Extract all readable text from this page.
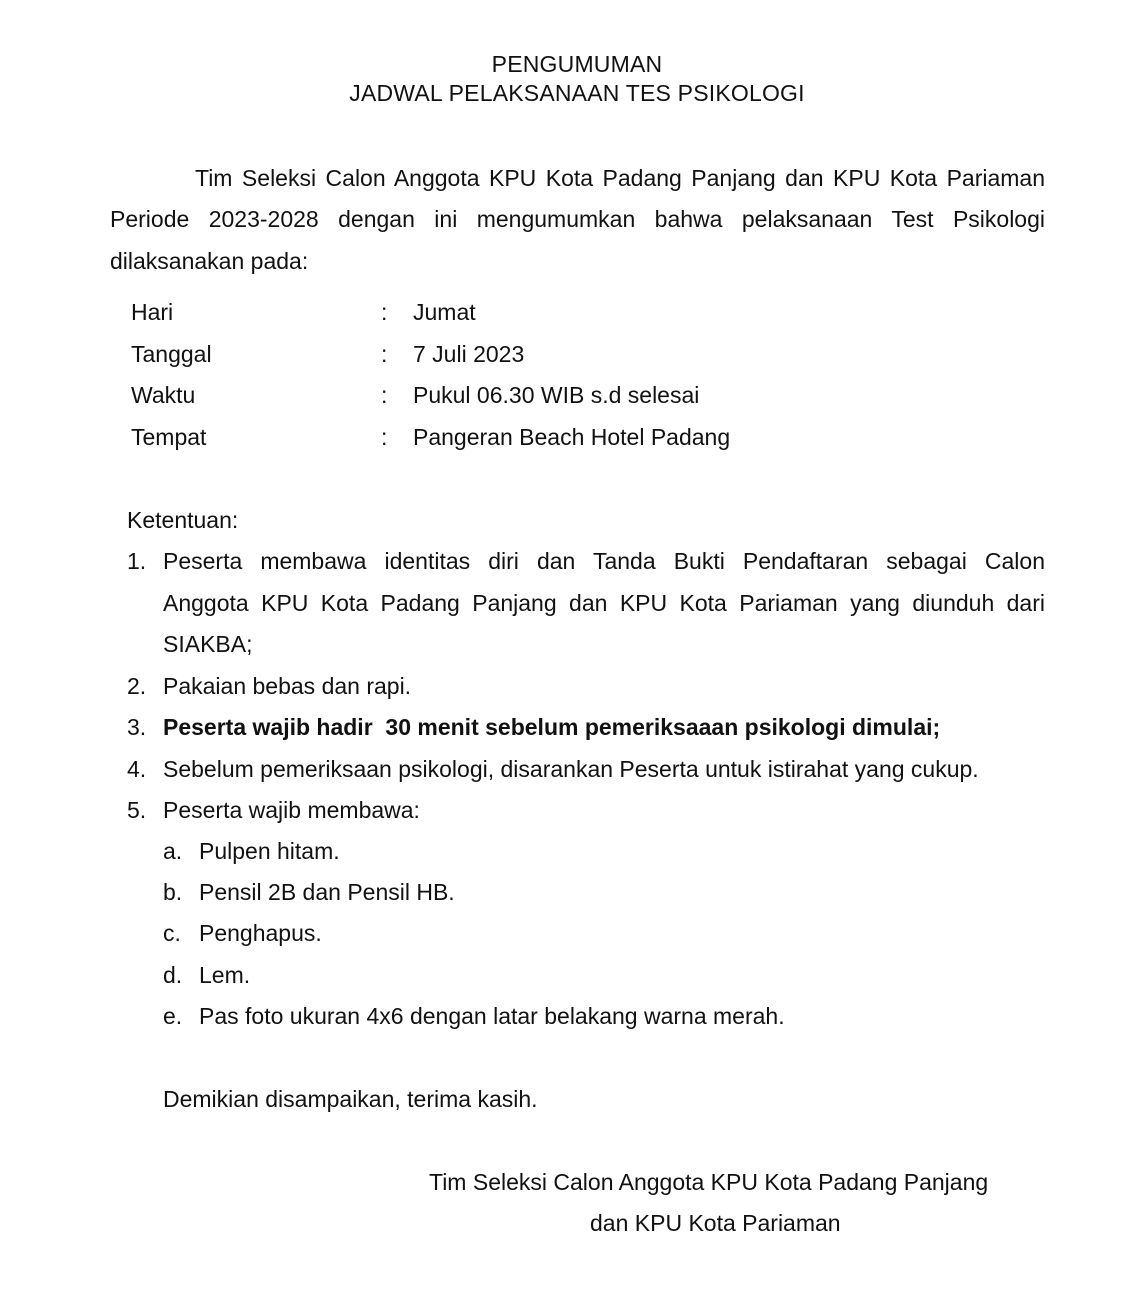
PENGUMUMAN
JADWAL PELAKSANAAN TES PSIKOLOGI
Tim Seleksi Calon Anggota KPU Kota Padang Panjang dan KPU Kota Pariaman
Periode 2023-2028 dengan ini mengumumkan bahwa pelaksanaan Test Psikologi
dilaksanakan pada:
Hari	: Jumat
Tanggal	: 7 Juli 2023
Waktu	: Pukul 06.30 WIB s.d selesai
Tempat	: Pangeran Beach Hotel Padang
Ketentuan:
1. Peserta membawa identitas diri dan Tanda Bukti Pendaftaran sebagai Calon
Anggota KPU Kota Padang Panjang dan KPU Kota Pariaman yang diunduh dari
SIAKBA;
2. Pakaian bebas dan rapi.
3. Peserta wajib hadir  30 menit sebelum pemeriksaaan psikologi dimulai;
4. Sebelum pemeriksaan psikologi, disarankan Peserta untuk istirahat yang cukup.
5. Peserta wajib membawa:
a. Pulpen hitam.
b. Pensil 2B dan Pensil HB.
c. Penghapus.
d. Lem.
e. Pas foto ukuran 4x6 dengan latar belakang warna merah.
Demikian disampaikan, terima kasih.
Tim Seleksi Calon Anggota KPU Kota Padang Panjang
dan KPU Kota Pariaman
